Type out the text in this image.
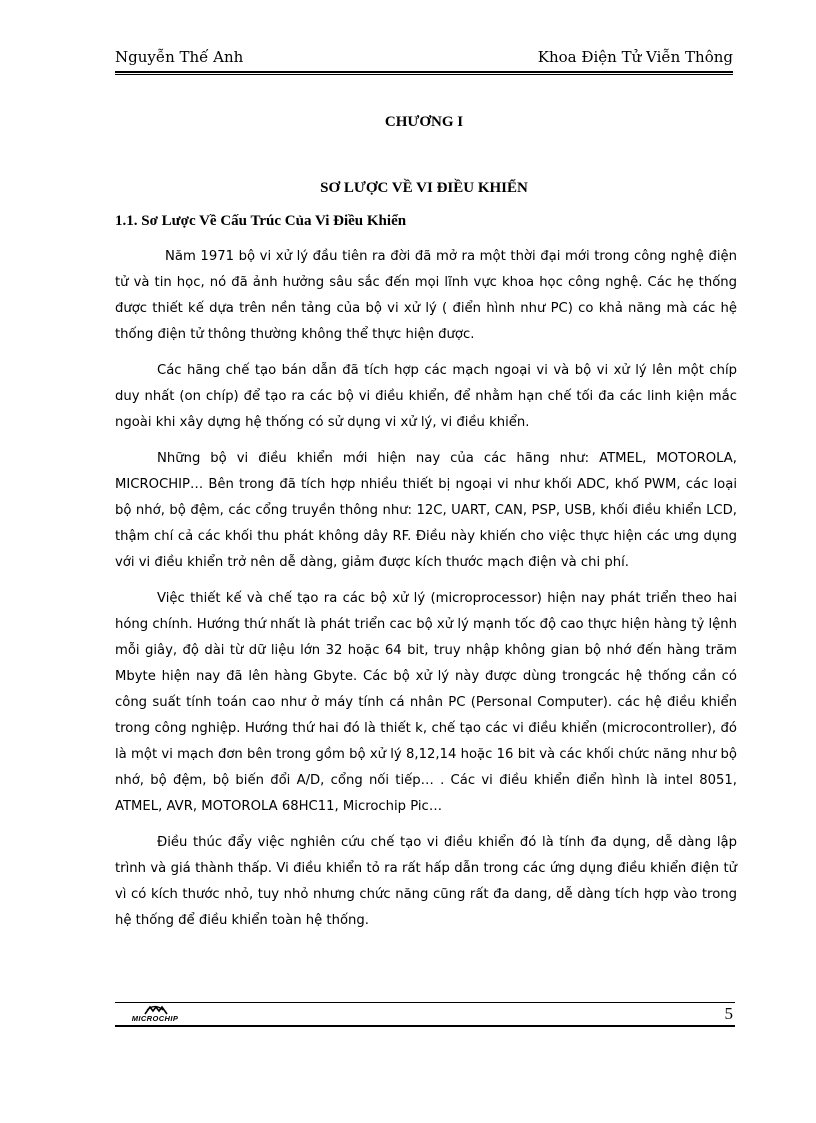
Nguyễn Thế Anh	Khoa Điện Tử Viễn Thông
CHƯƠNG I
SƠ LƯỢC VỀ VI ĐIỀU KHIỂN
1.1. Sơ Lược Về Cấu Trúc Của Vi Điều Khiển

Năm 1971 bộ vi xử lý đầu tiên ra đời đã mở ra một thời đại mới trong công nghệ điện tử và tin học, nó đã ảnh hưởng sâu sắc đến mọi lĩnh vực khoa học công nghệ. Các hẹ thống được thiết kế dựa trên nền tảng của bộ vi xử lý ( điển hình như PC) co khả năng mà các hệ thống điện tử thông thường không thể thực hiện được.

Các hãng chế tạo bán dẫn đã tích hợp các mạch ngoại vi và bộ vi xử lý lên một chíp duy nhất (on chíp) để tạo ra các bộ vi điều khiển, để nhằm hạn chế tối đa các linh kiện mắc ngoài khi xây dựng hệ thống có sử dụng vi xử lý, vi điều khiển.

Những bộ vi điều khiển mới hiện nay của các hãng như: ATMEL, MOTOROLA, MICROCHIP… Bên trong đã tích hợp nhiều thiết bị ngoại vi như khối ADC, khố PWM, các loại bộ nhớ, bộ đệm, các cổng truyền thông như: 12C, UART, CAN, PSP, USB, khối điều khiển LCD, thậm chí cả các khối thu phát không dây RF. Điều này khiến cho việc thực hiện các ưng dụng với vi điều khiển trở nên dễ dàng, giảm được kích thước mạch điện và chi phí.

Việc thiết kế và chế tạo ra các bộ xử lý (microprocessor) hiện nay phát triển theo hai hóng chính. Hướng thứ nhất là phát triển cac bộ xử lý mạnh tốc độ cao thực hiện hàng tỷ lệnh mỗi giây, độ dài từ dữ liệu lớn 32 hoặc 64 bit, truy nhập không gian bộ nhớ đến hàng trăm Mbyte hiện nay đã lên hàng Gbyte. Các bộ xử lý này được dùng trongcác hệ thống cần có công suất tính toán cao như ở máy tính cá nhân PC (Personal Computer). các hệ điều khiển trong công nghiệp. Hướng thứ hai đó là thiết k, chế tạo các vi điều khiển (microcontroller), đó là một vi mạch đơn bên trong gồm bộ xử lý 8,12,14 hoặc 16 bit và các khối chức năng như bộ nhớ, bộ đệm, bộ biến đổi A/D, cổng nối tiếp… . Các vi điều khiển điển hình là intel 8051, ATMEL, AVR, MOTOROLA 68HC11, Microchip Pic…

Điều thúc đẩy việc nghiên cứu chế tạo vi điều khiển đó là tính đa dụng, dễ dàng lập trình và giá thành thấp. Vi điều khiển tỏ ra rất hấp dẫn trong các ứng dụng điều khiển điện tử vì có kích thước nhỏ, tuy nhỏ nhưng chức năng cũng rất đa dang, dễ dàng tích hợp vào trong hệ thống để điều khiển toàn hệ thống.

MICROCHIP	5
